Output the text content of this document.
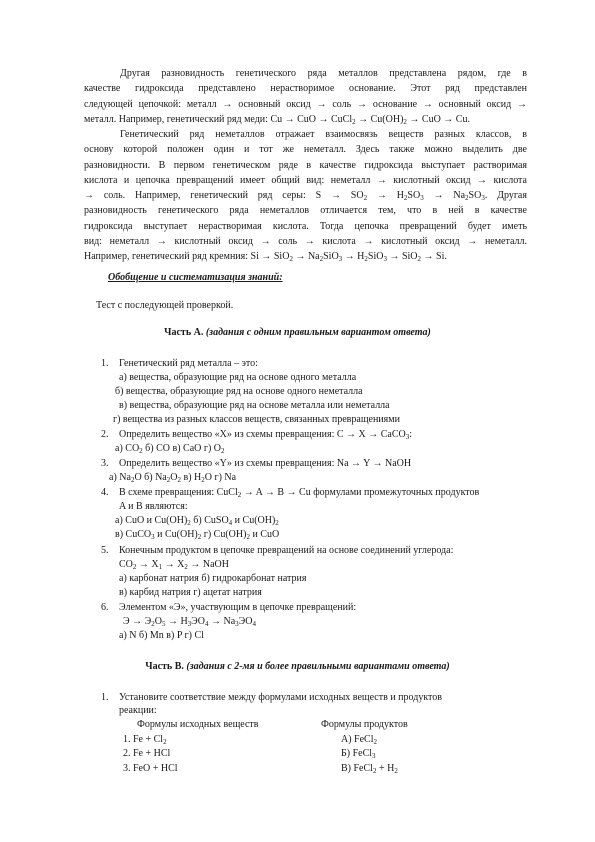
Другая разновидность генетического ряда металлов представлена рядом, где в
качестве гидроксида представлено нерастворимое основание. Этот ряд представлен
следующей цепочкой: металл → основный оксид → соль → основание → основный оксид →
металл. Например, генетический ряд меди: Cu → CuO → CuCl$_2$ → $Cu(OH)_2$ → CuO → Cu.
Генетический ряд неметаллов отражает взаимосвязь веществ разных классов, в
основу которой положен один и тот же неметалл. Здесь также можно выделить две
разновидности. В первом генетическом ряде в качестве гидроксида выступает растворимая
кислота и цепочка превращений имеет общий вид: неметалл → кислотный оксид → кислота
→ соль. Например, генетический ряд серы: $S \to SO_2 \to H_2SO_3 \to Na_2SO_3$. Другая
разновидность генетического ряда неметаллов отличается тем, что в ней в качестве
гидроксида выступает нерастворимая кислота. Тогда цепочка превращений будет иметь
вид: неметалл → кислотный оксид → соль → кислота → кислотный оксид → неметалл.
Например, генетический ряд кремния: $Si \to SiO_2 \to Na_2SiO_3 \to H_2SiO_3 \to SiO_2 \to Si$.
Обобщение и систематизация знаний:
Тест с последующей проверкой.
Часть А. (задания с одним правильным вариантом ответа)
1. Генетический ряд металла – это:
а) вещества, образующие ряд на основе одного металла
б) вещества, образующие ряд на основе одного неметалла
в) вещества, образующие ряд на основе металла или неметалла
г) вещества из разных классов веществ, связанных превращениями
2. Определить вещество «Х» из схемы превращения: C → X → CaCO$_3$:
а) $CO_2$ б) CO в) CaO г) $O_2$
3. Определить вещество «Y» из схемы превращения: Na → Y → NaOH
а) $Na_2O$ б) $Na_2O_2$ в) $H_2O$ г) Na
4. В схеме превращения: CuCl$_2$ → A → B → Cu формулами промежуточных продуктов
A и B являются:
а) CuO и $Cu(OH)_2$ б) CuSO$_4$ и $Cu(OH)_2$
в) CuCO$_3$ и $Cu(OH)_2$ г) $Cu(OH)_2$ и CuO
5. Конечным продуктом в цепочке превращений на основе соединений углерода:
$CO_2 \to X_1 \to X_2$ → NaOH
а) карбонат натрия б) гидрокарбонат натрия
в) карбид натрия г) ацетат натрия
6. Элементом «Э», участвующим в цепочке превращений:
$Э \to Э_2O_5 \to H_3ЭO_4 \to Na_3ЭO_4$
а) N б) Mn в) P г) Cl
Часть В. (задания с 2-мя и более правильными вариантами ответа)
1. Установите соответствие между формулами исходных веществ и продуктов
реакции:
Формулы исходных веществ	Формулы продуктов
1. $Fe + Cl_2$	А) FeCl$_2$
2. Fe + HCl	Б) FeCl$_3$
3. FeO + HCl	В) FeCl$_2$ + $H_2$
